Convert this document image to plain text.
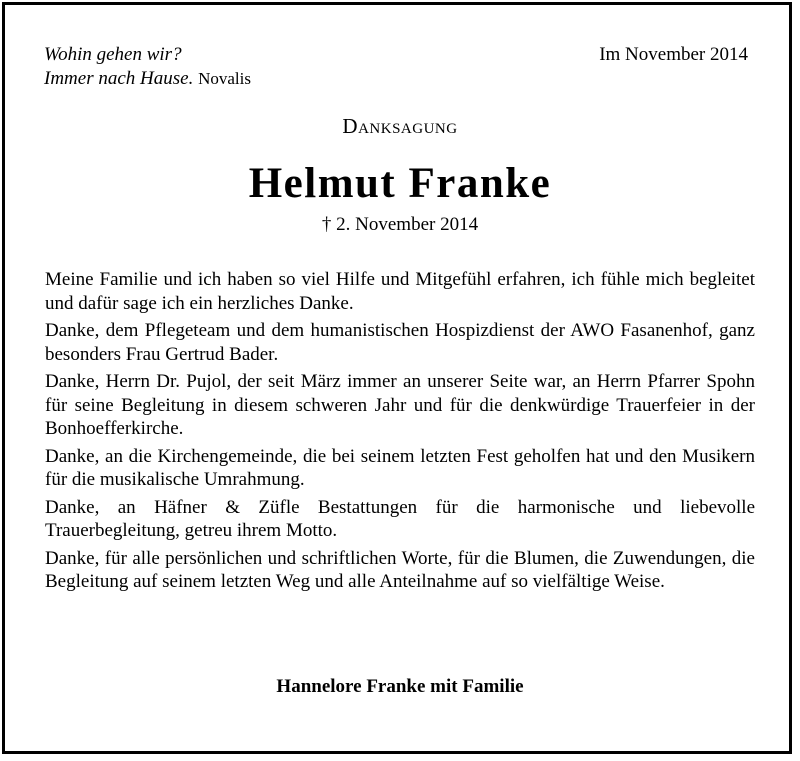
Wohin gehen wir?
Immer nach Hause. Novalis
Im November 2014
Danksagung
Helmut Franke
† 2. November 2014

Meine Familie und ich haben so viel Hilfe und Mitgefühl erfahren, ich fühle mich begleitet und dafür sage ich ein herzliches Danke.

Danke, dem Pflegeteam und dem humanistischen Hospizdienst der AWO Fasanenhof, ganz besonders Frau Gertrud Bader.

Danke, Herrn Dr. Pujol, der seit März immer an unserer Seite war, an Herrn Pfarrer Spohn für seine Begleitung in diesem schweren Jahr und für die denkwürdige Trauerfeier in der Bonhoefferkirche.

Danke, an die Kirchengemeinde, die bei seinem letzten Fest geholfen hat und den Musikern für die musikalische Umrahmung.

Danke, an Häfner & Züfle Bestattungen für die harmonische und liebevolle Trauerbegleitung, getreu ihrem Motto.

Danke, für alle persönlichen und schriftlichen Worte, für die Blumen, die Zuwendungen, die Begleitung auf seinem letzten Weg und alle Anteilnahme auf so vielfältige Weise.

Hannelore Franke mit Familie
